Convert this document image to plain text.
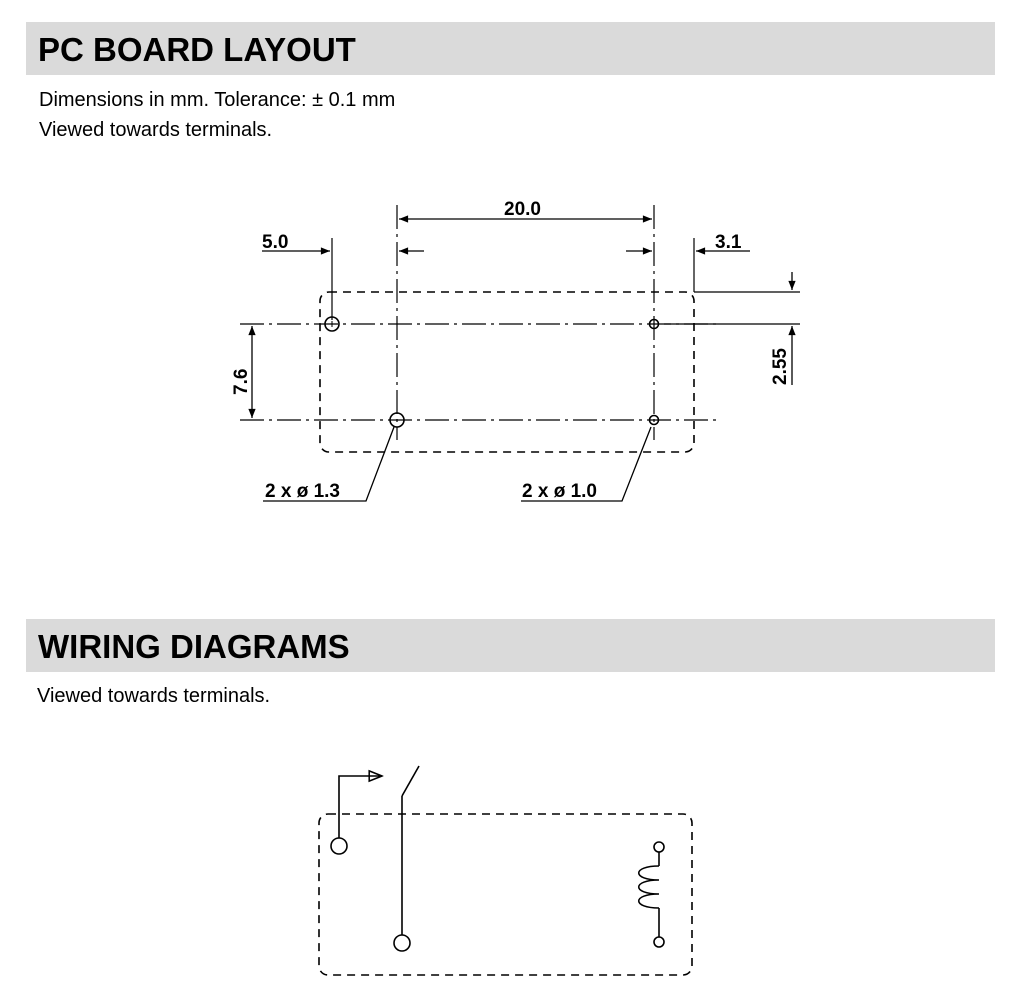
PC BOARD LAYOUT
Dimensions in mm. Tolerance: ± 0.1 mm
Viewed towards terminals.
WIRING DIAGRAMS
Viewed towards terminals.
20.0
5.0	3.1
7.6	2.55
2 x ø 1.3	2 x ø 1.0
